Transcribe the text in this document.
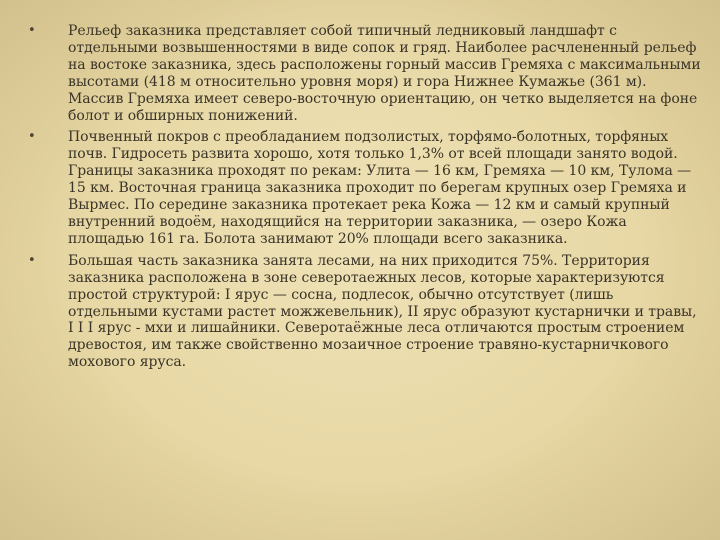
•	Рельеф заказника представляет собой типичный ледниковый ландшафт с отдельными возвышенностями в виде сопок и гряд. Наиболее расчлененный рельеф на востоке заказника, здесь расположены горный массив Гремяха с максимальными высотами (418 м относительно уровня моря) и гора Нижнее Кумажье (361 м). Массив Гремяха имеет северо-восточную ориентацию, он четко выделяется на фоне болот и обширных понижений.
•	Почвенный покров с преобладанием подзолистых, торфямо-болотных, торфяных почв. Гидросеть развита хорошо, хотя только 1,3% от всей площади занято водой. Границы заказника проходят по рекам: Улита — 16 км, Гремяха — 10 км, Тулома — 15 км. Восточная граница заказника проходит по берегам крупных озер Гремяха и Вырмес. По середине заказника протекает река Кожа — 12 км и самый крупный внутренний водоём, находящийся на территории заказника, — озеро Кожа площадью 161 га. Болота занимают 20% площади всего заказника.
•	Большая часть заказника занята лесами, на них приходится 75%. Территория заказника расположена в зоне северотаежных лесов, которые характеризуются простой структурой: I ярус — сосна, подлесок, обычно отсутствует (лишь отдельными кустами растет можжевельник), II ярус образуют кустарнички и травы, I I I ярус - мхи и лишайники. Северотаёжные леса отличаются простым строением древостоя, им также свойственно мозаичное строение травяно-кустарничкового мохового яруса.
